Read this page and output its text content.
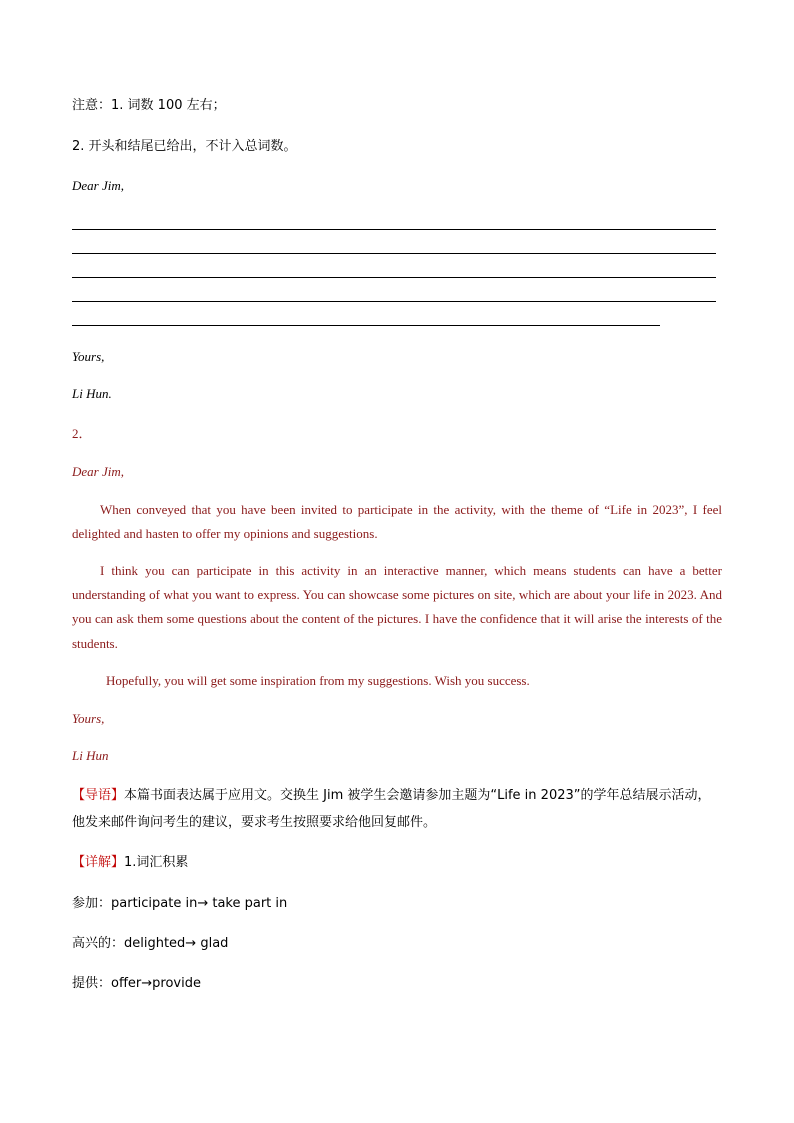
注意：1. 词数 100 左右；
2. 开头和结尾已给出，不计入总词数。
Dear Jim,
Yours,
Li Hun.
2．
Dear Jim,
When conveyed that you have been invited to participate in the activity, with the theme of “Life in 2023”, I feel delighted and hasten to offer my opinions and suggestions.
I think you can participate in this activity in an interactive manner, which means students can have a better understanding of what you want to express. You can showcase some pictures on site, which are about your life in 2023. And you can ask them some questions about the content of the pictures. I have the confidence that it will arise the interests of the students.
Hopefully, you will get some inspiration from my suggestions. Wish you success.
Yours,
Li Hun
【导语】本篇书面表达属于应用文。交换生 Jim 被学生会邀请参加主题为“Life in 2023”的学年总结展示活动，
他发来邮件询问考生的建议，要求考生按照要求给他回复邮件。
【详解】1.词汇积累
参加：participate in→ take part in
高兴的：delighted→ glad
提供：offer→provide
